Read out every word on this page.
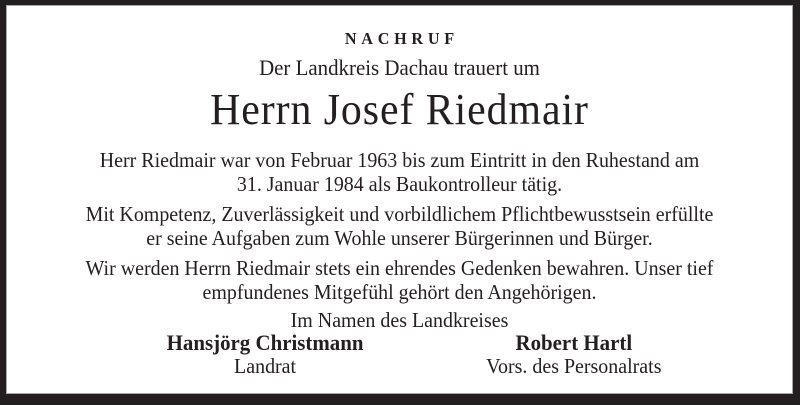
NACHRUF
Der Landkreis Dachau trauert um
Herrn Josef Riedmair

Herr Riedmair war von Februar 1963 bis zum Eintritt in den Ruhestand am
31. Januar 1984 als Baukontrolleur tätig.

Mit Kompetenz, Zuverlässigkeit und vorbildlichem Pflichtbewusstsein erfüllte
er seine Aufgaben zum Wohle unserer Bürgerinnen und Bürger.

Wir werden Herrn Riedmair stets ein ehrendes Gedenken bewahren. Unser tief
empfundenes Mitgefühl gehört den Angehörigen.

Im Namen des Landkreises
Hansjörg Christmann
Landrat
Robert Hartl
Vors. des Personalrats
